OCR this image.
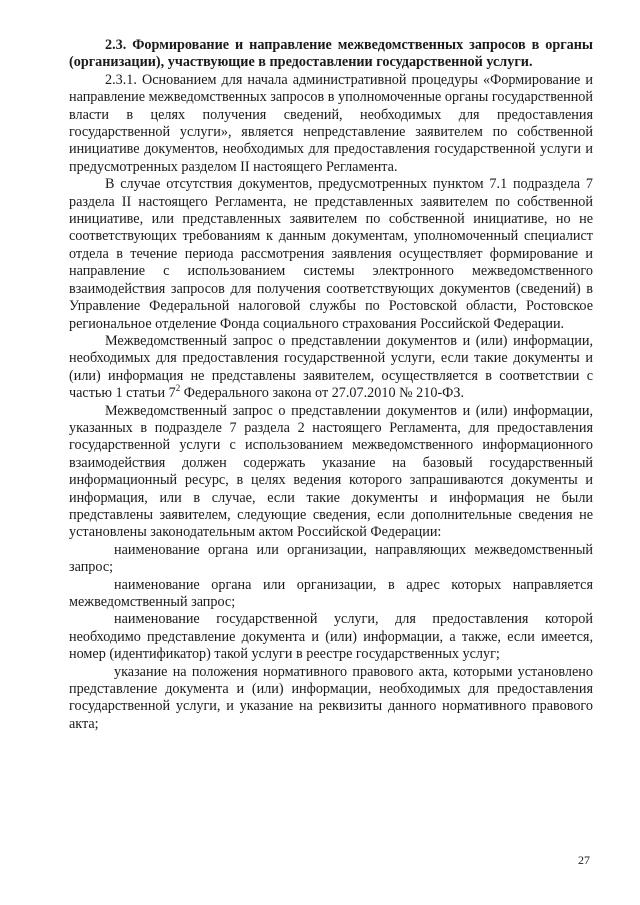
2.3. Формирование и направление межведомственных запросов в органы (организации), участвующие в предоставлении государственной услуги.

2.3.1. Основанием для начала административной процедуры «Формирование и направление межведомственных запросов в уполномоченные органы государственной власти в целях получения сведений, необходимых для предоставления государственной услуги», является непредставление заявителем по собственной инициативе документов, необходимых для предоставления государственной услуги и предусмотренных разделом II настоящего Регламента.

В случае отсутствия документов, предусмотренных пунктом 7.1 подраздела 7 раздела II настоящего Регламента, не представленных заявителем по собственной инициативе, или представленных заявителем по собственной инициативе, но не соответствующих требованиям к данным документам, уполномоченный специалист отдела в течение периода рассмотрения заявления осуществляет формирование и направление с использованием системы электронного межведомственного взаимодействия запросов для получения соответствующих документов (сведений) в Управление Федеральной налоговой службы по Ростовской области, Ростовское региональное отделение Фонда социального страхования Российской Федерации.

Межведомственный запрос о представлении документов и (или) информации, необходимых для предоставления государственной услуги, если такие документы и (или) информация не представлены заявителем, осуществляется в соответствии с частью 1 статьи $7^2$ Федерального закона от 27.07.2010 № 210-ФЗ.

Межведомственный запрос о представлении документов и (или) информации, указанных в подразделе 7 раздела 2 настоящего Регламента, для предоставления государственной услуги с использованием межведомственного информационного взаимодействия должен содержать указание на базовый государственный информационный ресурс, в целях ведения которого запрашиваются документы и информация, или в случае, если такие документы и информация не были представлены заявителем, следующие сведения, если дополнительные сведения не установлены законодательным актом Российской Федерации:

наименование органа или организации, направляющих межведомственный запрос;

наименование органа или организации, в адрес которых направляется межведомственный запрос;

наименование государственной услуги, для предоставления которой необходимо представление документа и (или) информации, а также, если имеется, номер (идентификатор) такой услуги в реестре государственных услуг;

указание на положения нормативного правового акта, которыми установлено представление документа и (или) информации, необходимых для предоставления государственной услуги, и указание на реквизиты данного нормативного правового акта;

27
